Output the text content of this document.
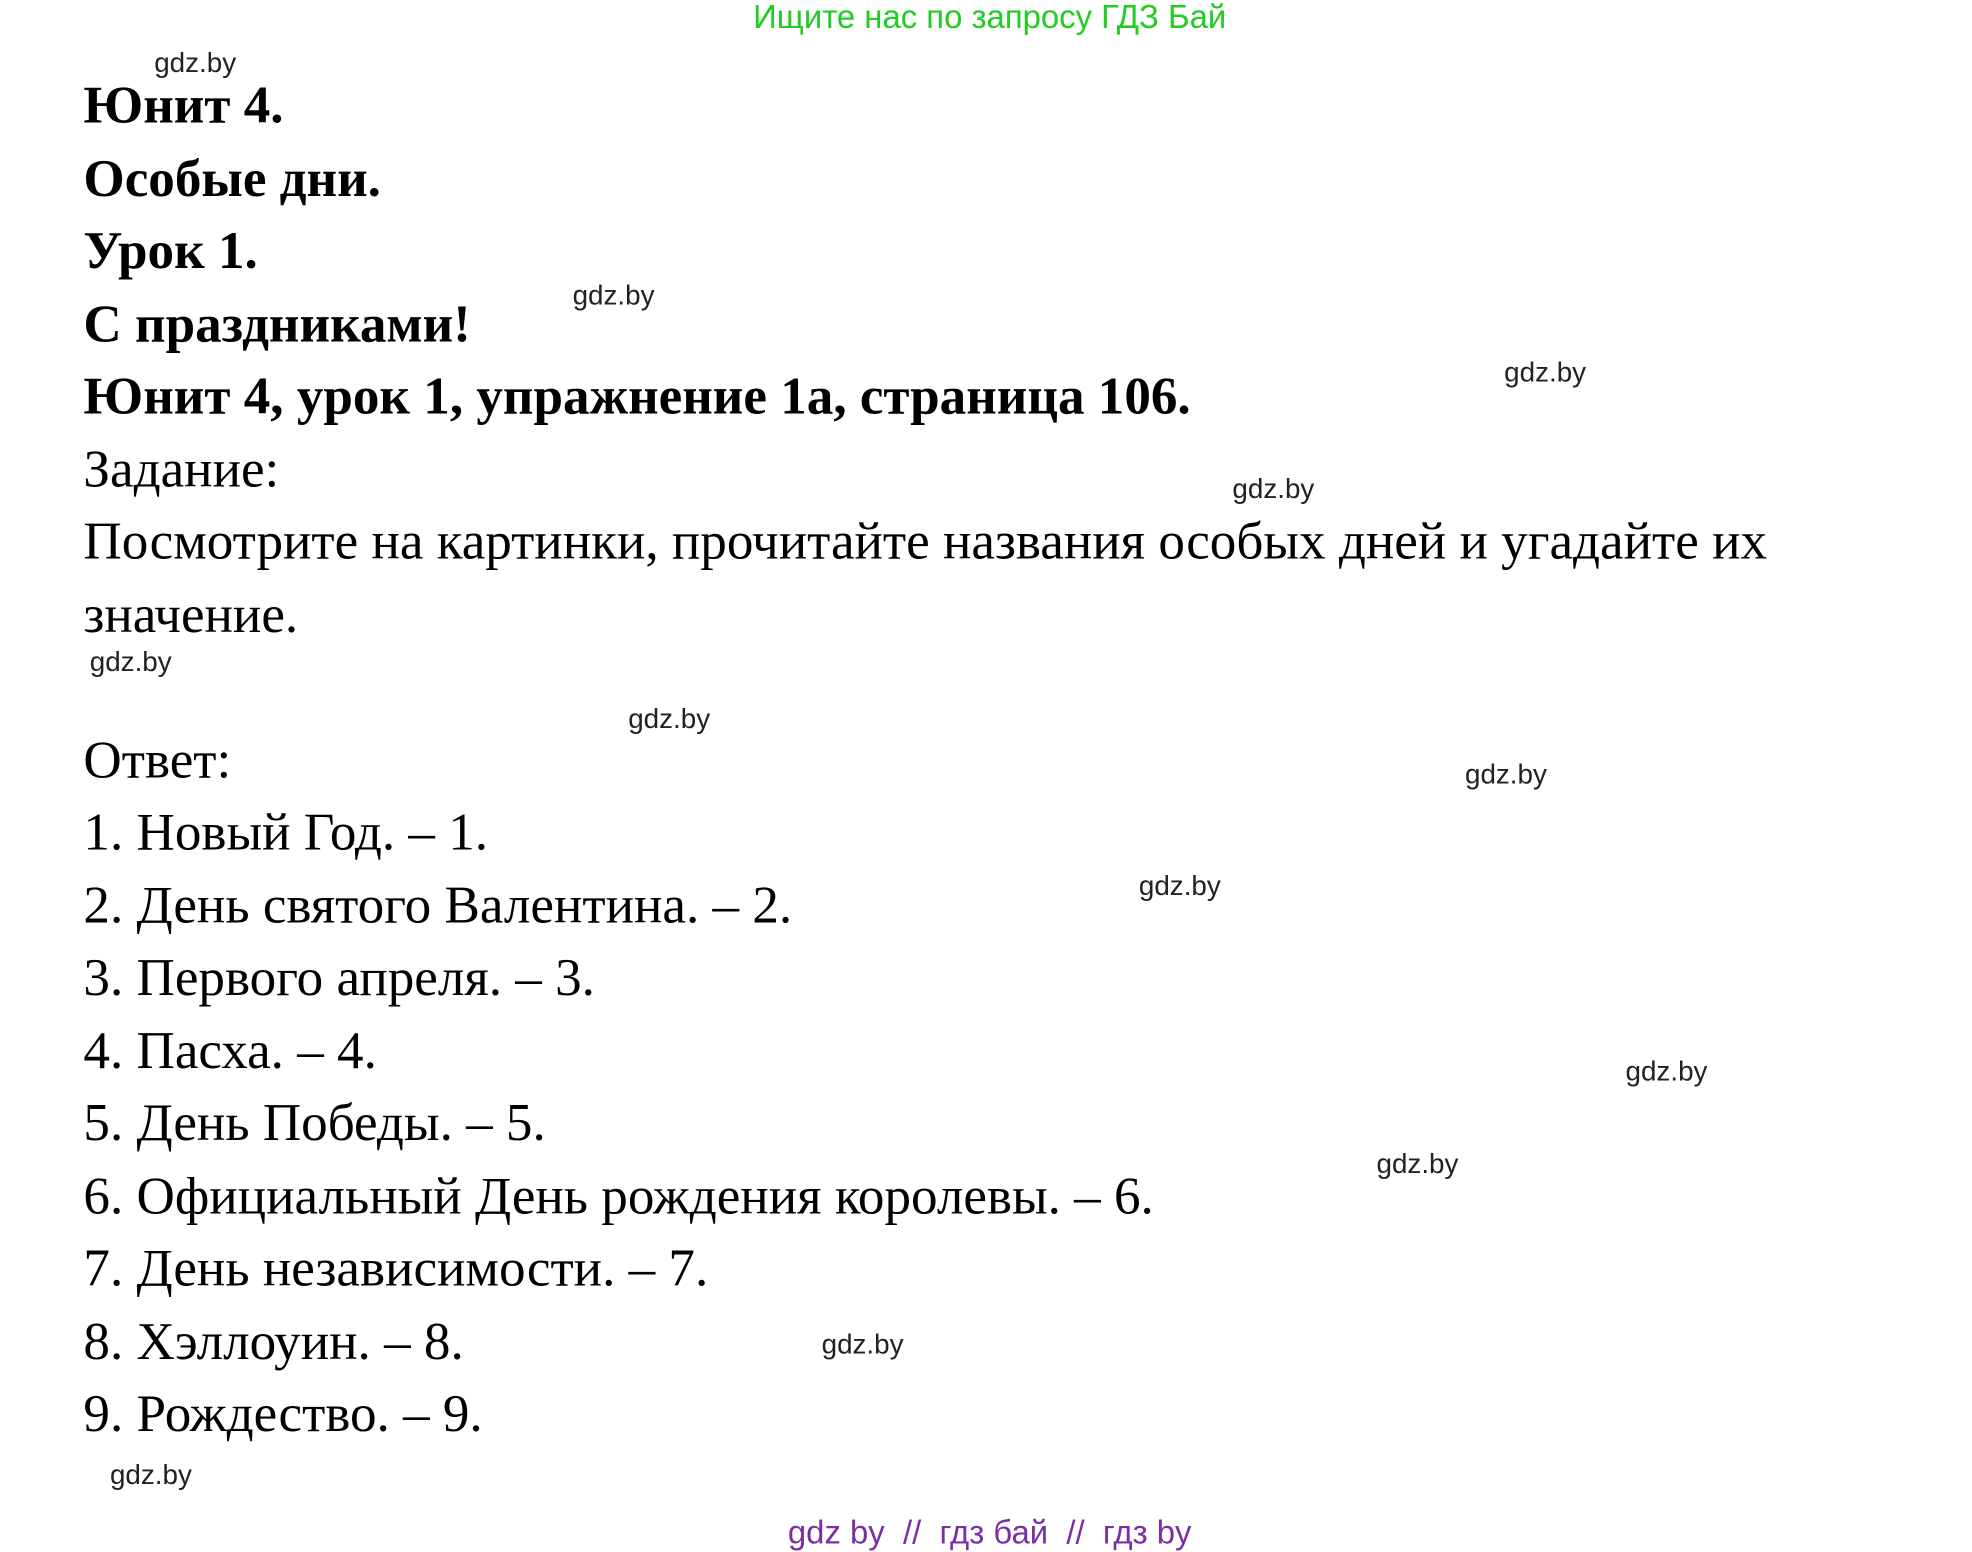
Ищите нас по запросу ГДЗ Бай
Юнит 4.
Особые дни.
Урок 1.
С праздниками!
Юнит 4, урок 1, упражнение 1а, страница 106.
Задание:
Посмотрите на картинки, прочитайте названия особых дней и угадайте их значение.
Ответ:
1. Новый Год. – 1.
2. День святого Валентина. – 2.
3. Первого апреля. – 3.
4. Пасха. – 4.
5. День Победы. – 5.
6. Официальный День рождения королевы. – 6.
7. День независимости. – 7.
8. Хэллоуин. – 8.
9. Рождество. – 9.
gdz.by
gdz.by
gdz.by
gdz.by
gdz.by
gdz.by
gdz.by
gdz.by
gdz.by
gdz.by
gdz.by
gdz.by
gdz by  //  гдз бай  //  гдз by
